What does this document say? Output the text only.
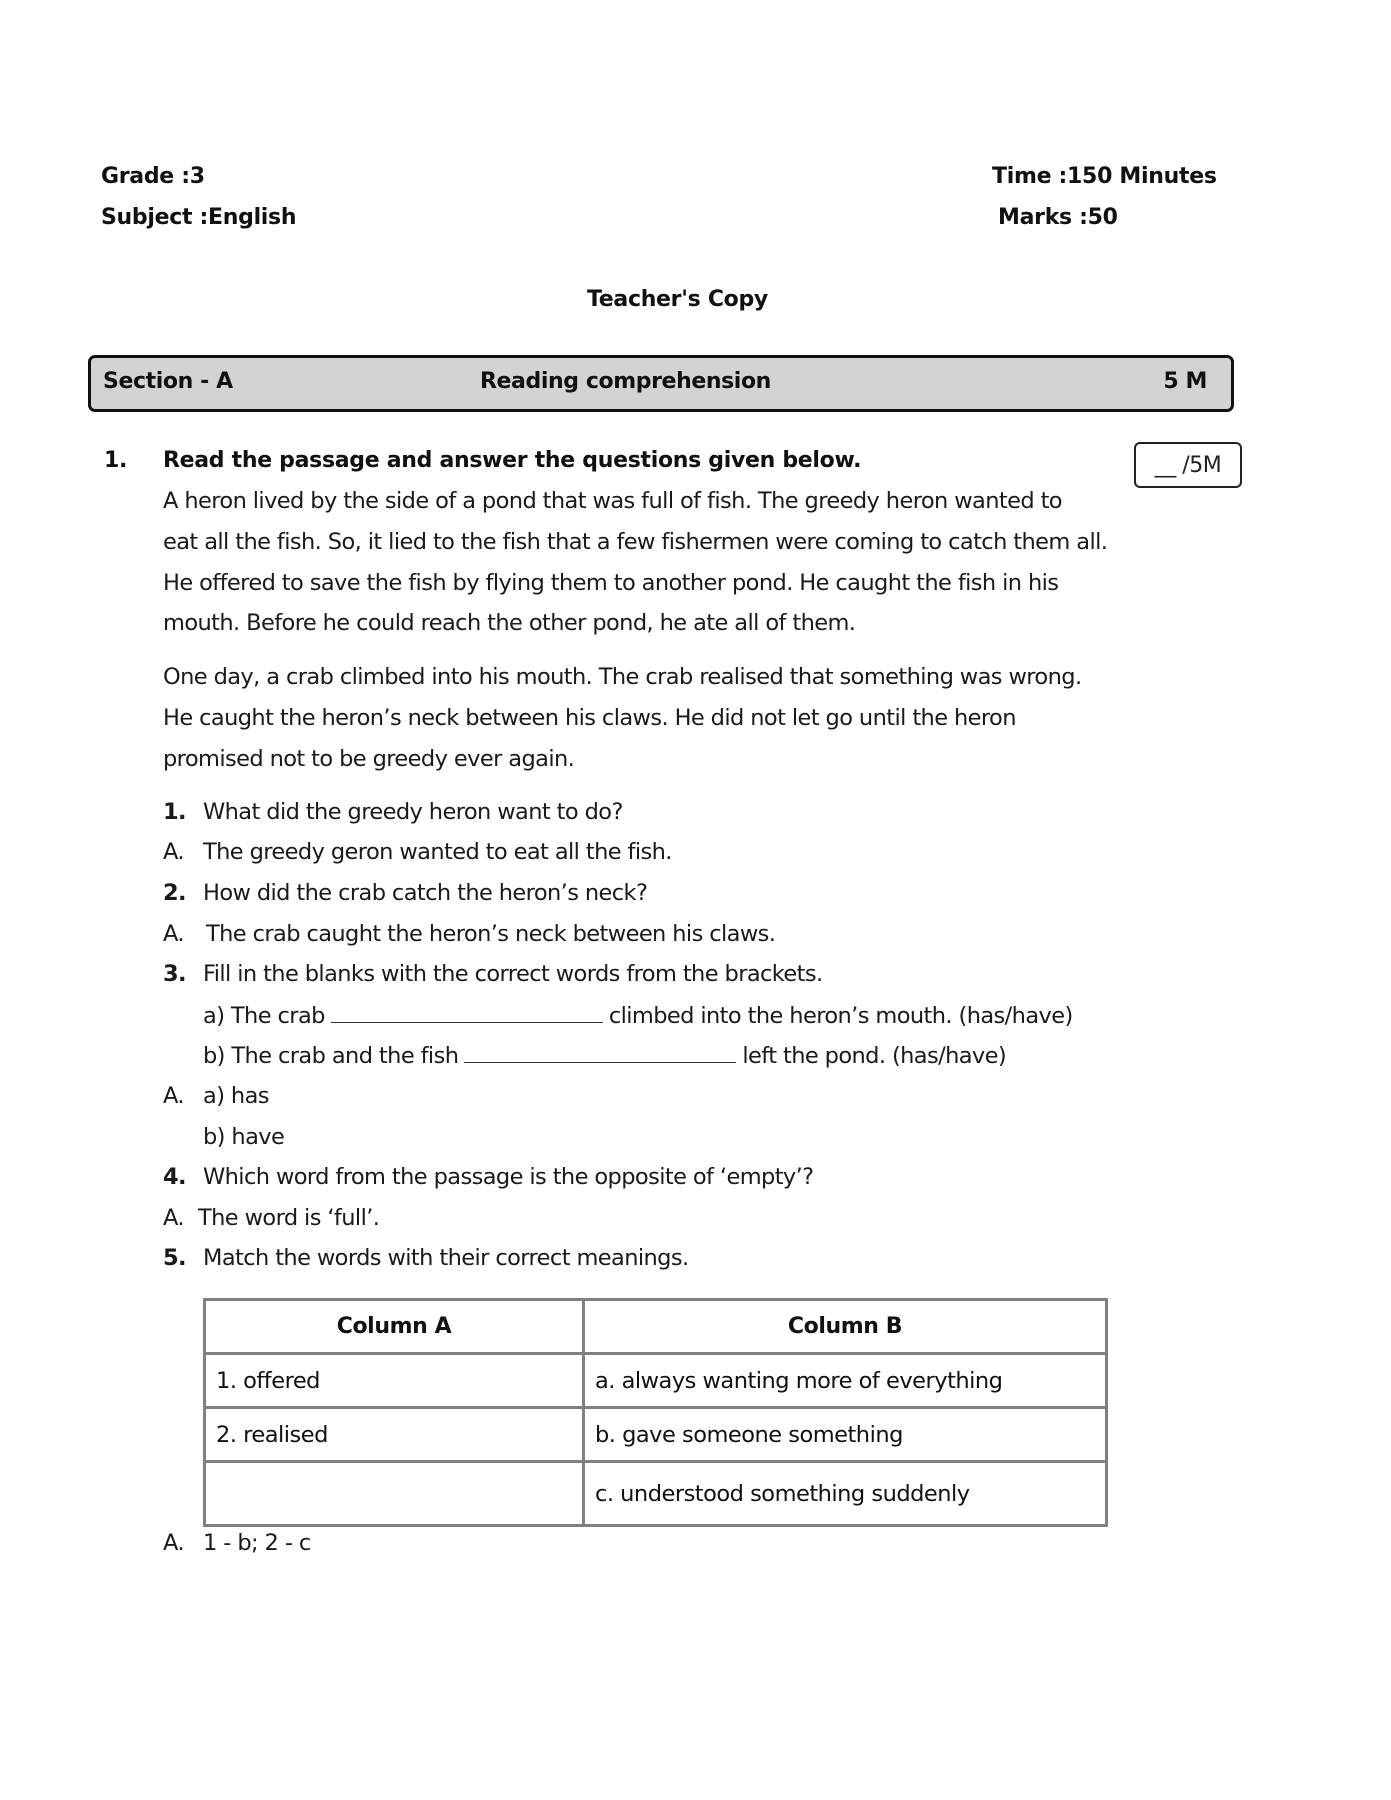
Grade :3
Subject :English
Time :150 Minutes
Marks :50
Teacher's Copy
Section - A	Reading comprehension	5 M
1. Read the passage and answer the questions given below.	__ /5M
A heron lived by the side of a pond that was full of fish. The greedy heron wanted to
eat all the fish. So, it lied to the fish that a few fishermen were coming to catch them all.
He offered to save the fish by flying them to another pond. He caught the fish in his
mouth. Before he could reach the other pond, he ate all of them.
One day, a crab climbed into his mouth. The crab realised that something was wrong.
He caught the heron’s neck between his claws. He did not let go until the heron
promised not to be greedy ever again.
1. What did the greedy heron want to do?
A. The greedy geron wanted to eat all the fish.
2. How did the crab catch the heron’s neck?
A. The crab caught the heron’s neck between his claws.
3. Fill in the blanks with the correct words from the brackets.
a) The crab	climbed into the heron’s mouth. (has/have)
b) The crab and the fish	left the pond. (has/have)
A. a) has
b) have
4. Which word from the passage is the opposite of ‘empty’?
A. The word is ‘full’.
5. Match the words with their correct meanings.
Column A	Column B
1. offered	a. always wanting more of everything
2. realised	b. gave someone something
	c. understood something suddenly
A. 1 - b; 2 - c
